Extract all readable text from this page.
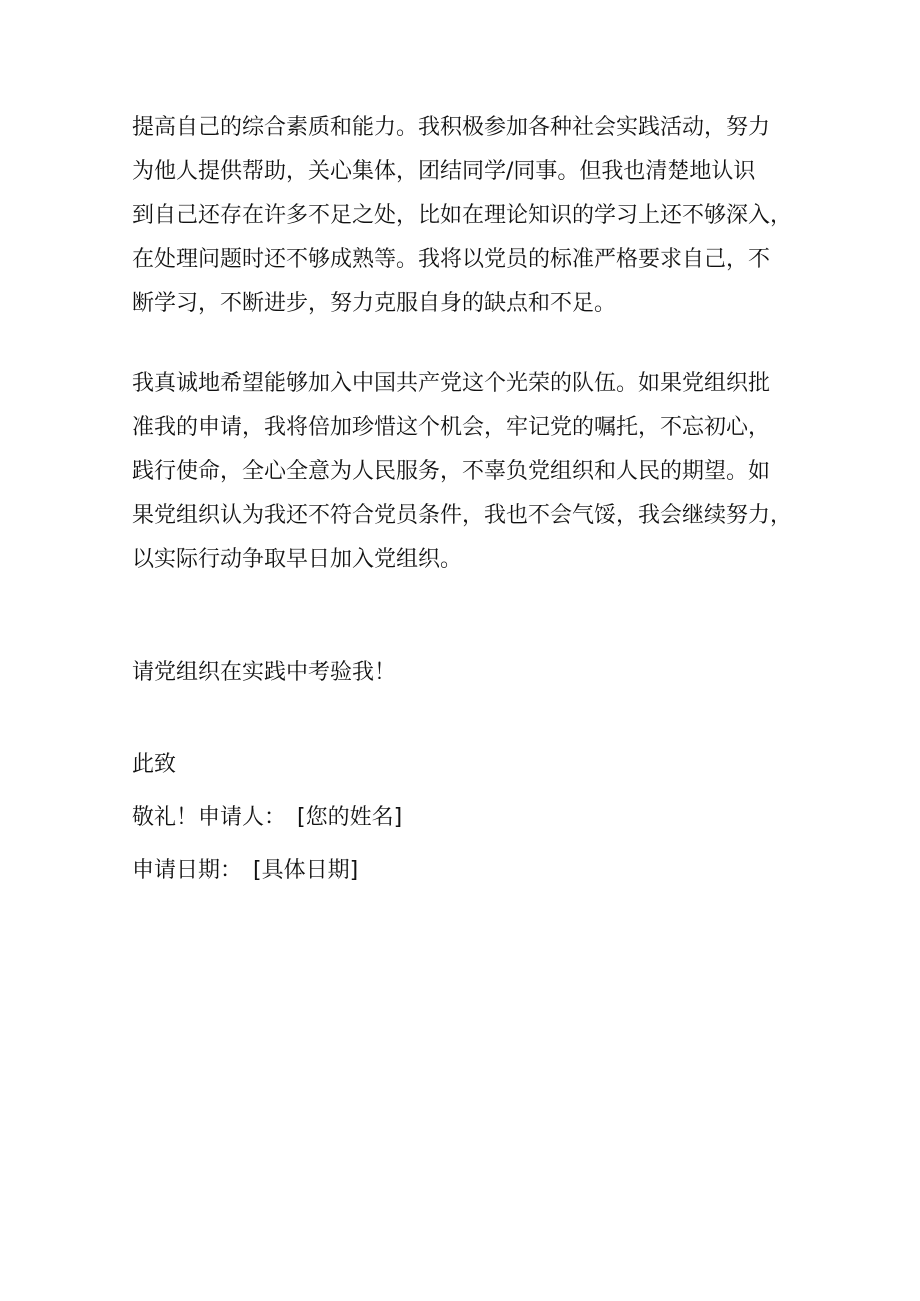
提高自己的综合素质和能力。我积极参加各种社会实践活动，努力
为他人提供帮助，关心集体，团结同学/同事。但我也清楚地认识
到自己还存在许多不足之处，比如在理论知识的学习上还不够深入，
在处理问题时还不够成熟等。我将以党员的标准严格要求自己，不
断学习，不断进步，努力克服自身的缺点和不足。

我真诚地希望能够加入中国共产党这个光荣的队伍。如果党组织批
准我的申请，我将倍加珍惜这个机会，牢记党的嘱托，不忘初心，
践行使命，全心全意为人民服务，不辜负党组织和人民的期望。如
果党组织认为我还不符合党员条件，我也不会气馁，我会继续努力，
以实际行动争取早日加入党组织。

请党组织在实践中考验我！

此致
敬礼！申请人：　[您的姓名]
申请日期：　[具体日期]
